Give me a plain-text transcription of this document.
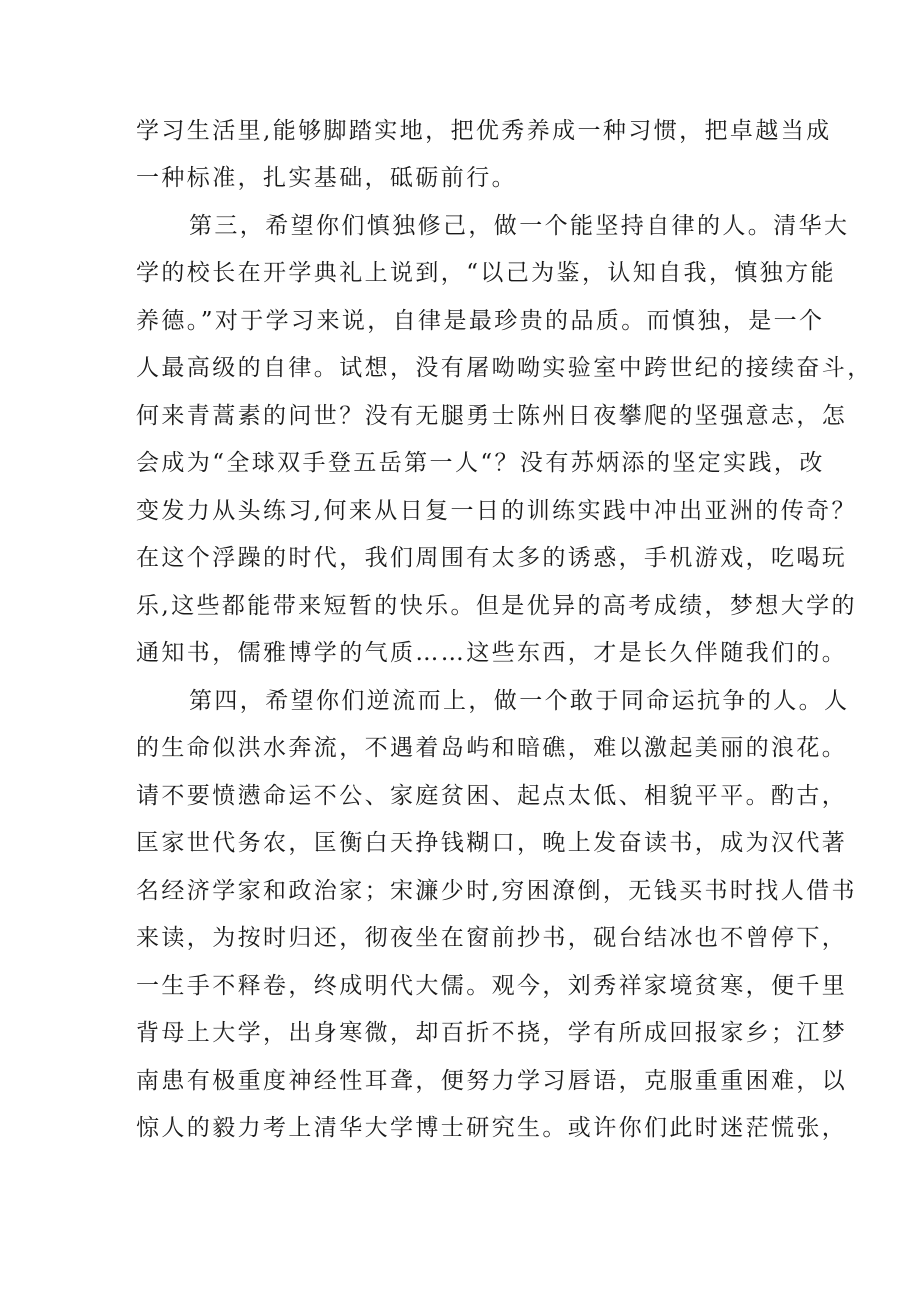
学习生活里,能够脚踏实地，把优秀养成一种习惯，把卓越当成
一种标准，扎实基础，砥砺前行。
第三，希望你们慎独修己，做一个能坚持自律的人。清华大
学的校长在开学典礼上说到，“以己为鉴，认知自我，慎独方能
养德。”对于学习来说，自律是最珍贵的品质。而慎独，是一个
人最高级的自律。试想，没有屠呦呦实验室中跨世纪的接续奋斗，
何来青蒿素的问世？没有无腿勇士陈州日夜攀爬的坚强意志，怎
会成为“全球双手登五岳第一人“？没有苏炳添的坚定实践，改
变发力从头练习,何来从日复一日的训练实践中冲出亚洲的传奇？
在这个浮躁的时代，我们周围有太多的诱惑，手机游戏，吃喝玩
乐,这些都能带来短暂的快乐。但是优异的高考成绩，梦想大学的
通知书，儒雅博学的气质……这些东西，才是长久伴随我们的。
第四，希望你们逆流而上，做一个敢于同命运抗争的人。人
的生命似洪水奔流，不遇着岛屿和暗礁，难以激起美丽的浪花。
请不要愤懑命运不公、家庭贫困、起点太低、相貌平平。酌古，
匡家世代务农，匡衡白天挣钱糊口，晚上发奋读书，成为汉代著
名经济学家和政治家；宋濂少时,穷困潦倒，无钱买书时找人借书
来读，为按时归还，彻夜坐在窗前抄书，砚台结冰也不曾停下，
一生手不释卷，终成明代大儒。观今，刘秀祥家境贫寒，便千里
背母上大学，出身寒微，却百折不挠，学有所成回报家乡；江梦
南患有极重度神经性耳聋，便努力学习唇语，克服重重困难，以
惊人的毅力考上清华大学博士研究生。或许你们此时迷茫慌张，
